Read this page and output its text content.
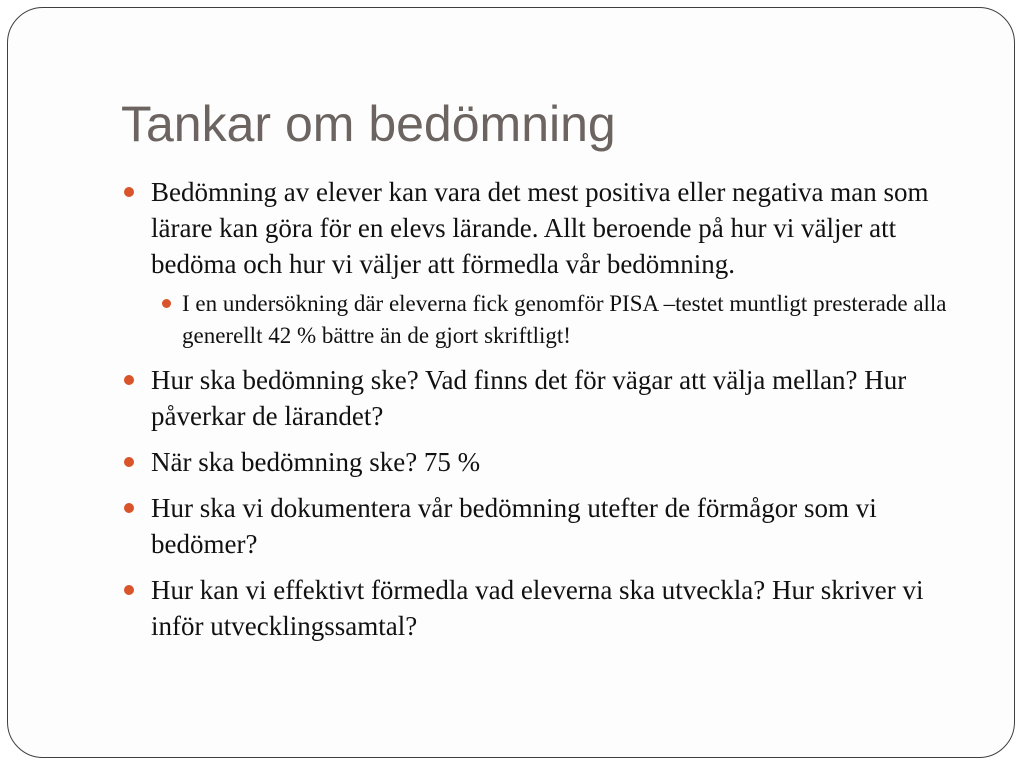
Tankar om bedömning
Bedömning av elever kan vara det mest positiva eller negativa man som lärare kan göra för en elevs lärande. Allt beroende på hur vi väljer att bedöma och hur vi väljer att förmedla vår bedömning.
I en undersökning där eleverna fick genomför PISA –testet muntligt presterade alla generellt 42 % bättre än de gjort skriftligt!
Hur ska bedömning ske? Vad finns det för vägar att välja mellan? Hur påverkar de lärandet?
När ska bedömning ske? 75 %
Hur ska vi dokumentera vår bedömning utefter de förmågor som vi bedömer?
Hur kan vi effektivt förmedla vad eleverna ska utveckla? Hur skriver vi inför utvecklingssamtal?
